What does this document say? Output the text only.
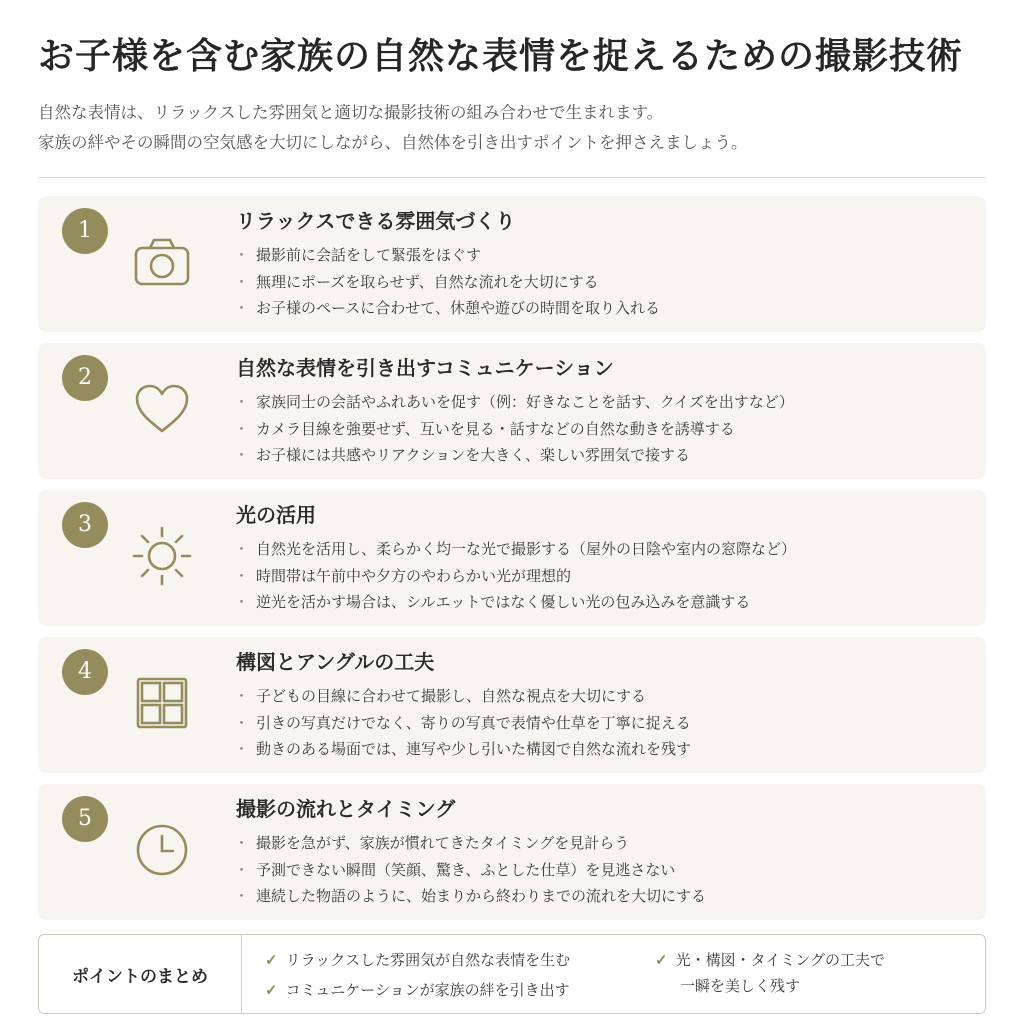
お子様を含む家族の自然な表情を捉えるための撮影技術
自然な表情は、リラックスした雰囲気と適切な撮影技術の組み合わせで生まれます。
家族の絆やその瞬間の空気感を大切にしながら、自然体を引き出すポイントを押さえましょう。
1	リラックスできる雰囲気づくり
・ 撮影前に会話をして緊張をほぐす
・ 無理にポーズを取らせず、自然な流れを大切にする
・ お子様のペースに合わせて、休憩や遊びの時間を取り入れる
2	自然な表情を引き出すコミュニケーション
・ 家族同士の会話やふれあいを促す（例：好きなことを話す、クイズを出すなど）
・ カメラ目線を強要せず、互いを見る・話すなどの自然な動きを誘導する
・ お子様には共感やリアクションを大きく、楽しい雰囲気で接する
3	光の活用
・ 自然光を活用し、柔らかく均一な光で撮影する（屋外の日陰や室内の窓際など）
・ 時間帯は午前中や夕方のやわらかい光が理想的
・ 逆光を活かす場合は、シルエットではなく優しい光の包み込みを意識する
4	構図とアングルの工夫
・ 子どもの目線に合わせて撮影し、自然な視点を大切にする
・ 引きの写真だけでなく、寄りの写真で表情や仕草を丁寧に捉える
・ 動きのある場面では、連写や少し引いた構図で自然な流れを残す
5	撮影の流れとタイミング
・ 撮影を急がず、家族が慣れてきたタイミングを見計らう
・ 予測できない瞬間（笑顔、驚き、ふとした仕草）を見逃さない
・ 連続した物語のように、始まりから終わりまでの流れを大切にする
ポイントのまとめ
✓ リラックスした雰囲気が自然な表情を生む
✓ コミュニケーションが家族の絆を引き出す
✓ 光・構図・タイミングの工夫で
一瞬を美しく残す
